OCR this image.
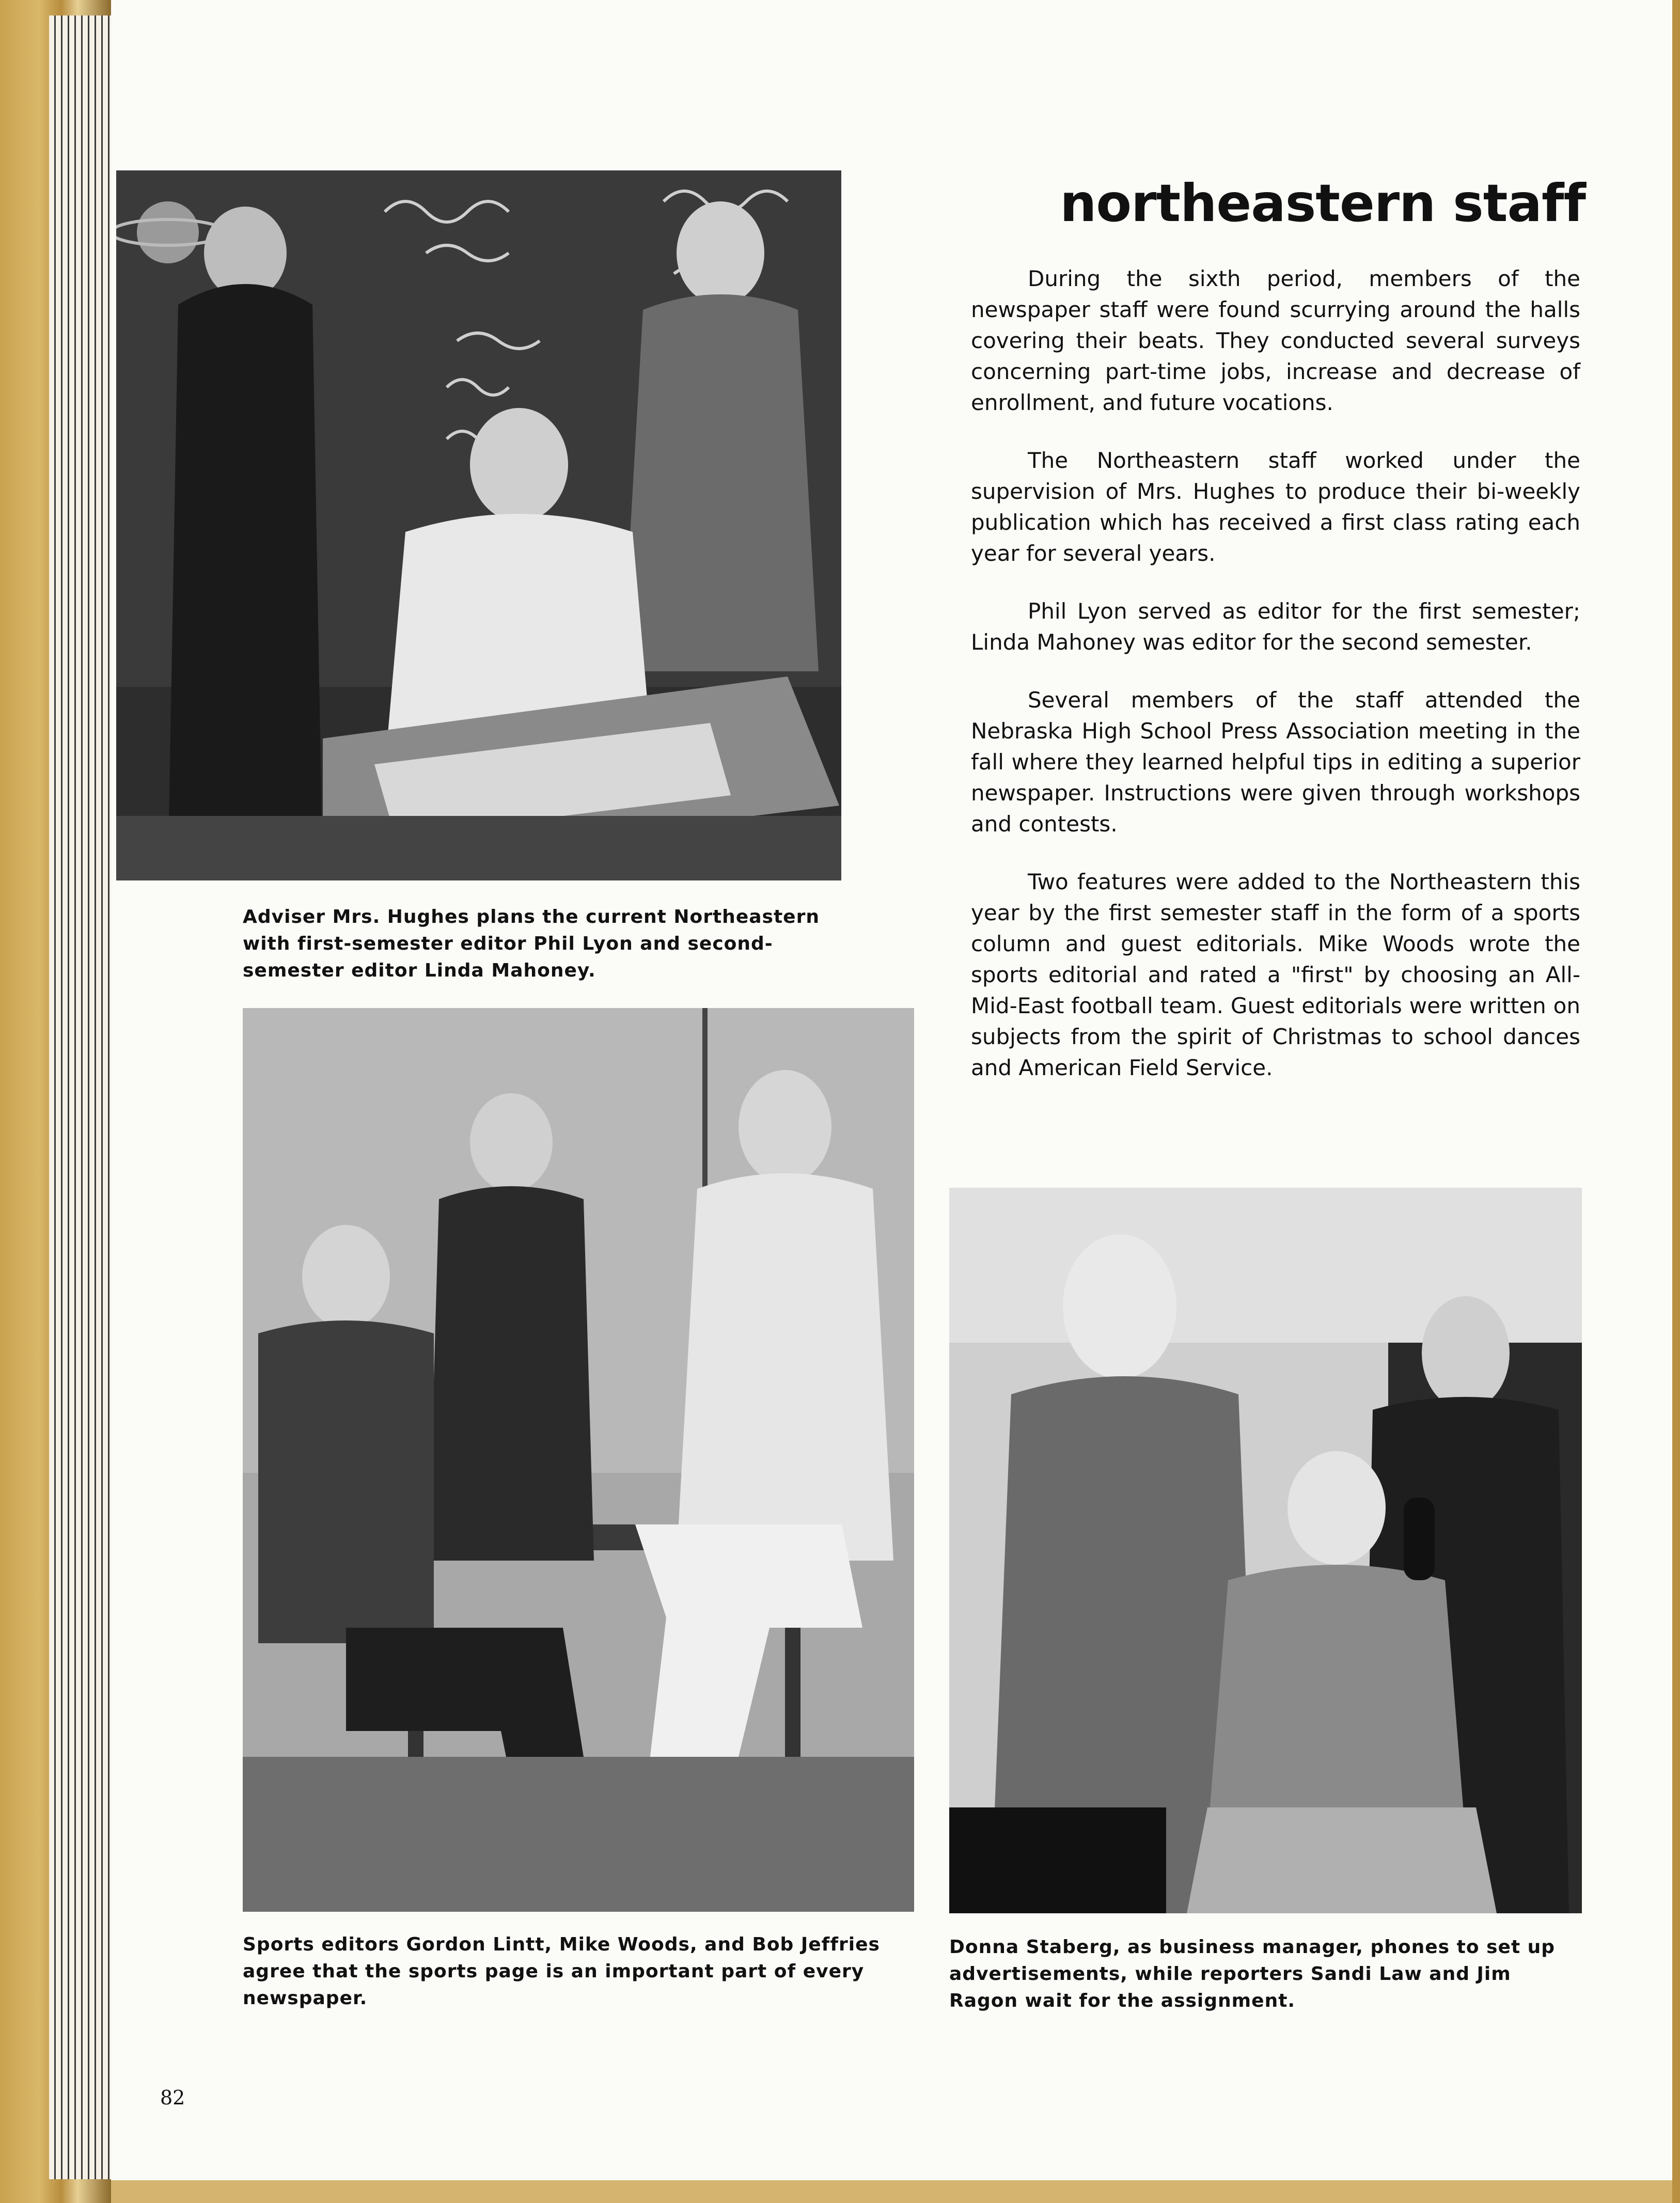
northeastern staff

During the sixth period, members of the newspaper staff were found scurrying around the halls covering their beats. They conducted several surveys concerning part-time jobs, increase and decrease of enrollment, and future vocations.

The Northeastern staff worked under the supervision of Mrs. Hughes to produce their bi-weekly publication which has received a first class rating each year for several years.

Phil Lyon served as editor for the first semester; Linda Mahoney was editor for the second semester.

Several members of the staff attended the Nebraska High School Press Association meeting in the fall where they learned helpful tips in editing a superior newspaper. Instructions were given through workshops and contests.

Two features were added to the Northeastern this year by the first semester staff in the form of a sports column and guest editorials. Mike Woods wrote the sports editorial and rated a "first" by choosing an All-Mid-East football team. Guest editorials were written on subjects from the spirit of Christmas to school dances and American Field Service.

Adviser Mrs. Hughes plans the current Northeastern with first-semester editor Phil Lyon and second-semester editor Linda Mahoney.

Sports editors Gordon Lintt, Mike Woods, and Bob Jeffries agree that the sports page is an important part of every newspaper.

Donna Staberg, as business manager, phones to set up advertisements, while reporters Sandi Law and Jim Ragon wait for the assignment.

82
